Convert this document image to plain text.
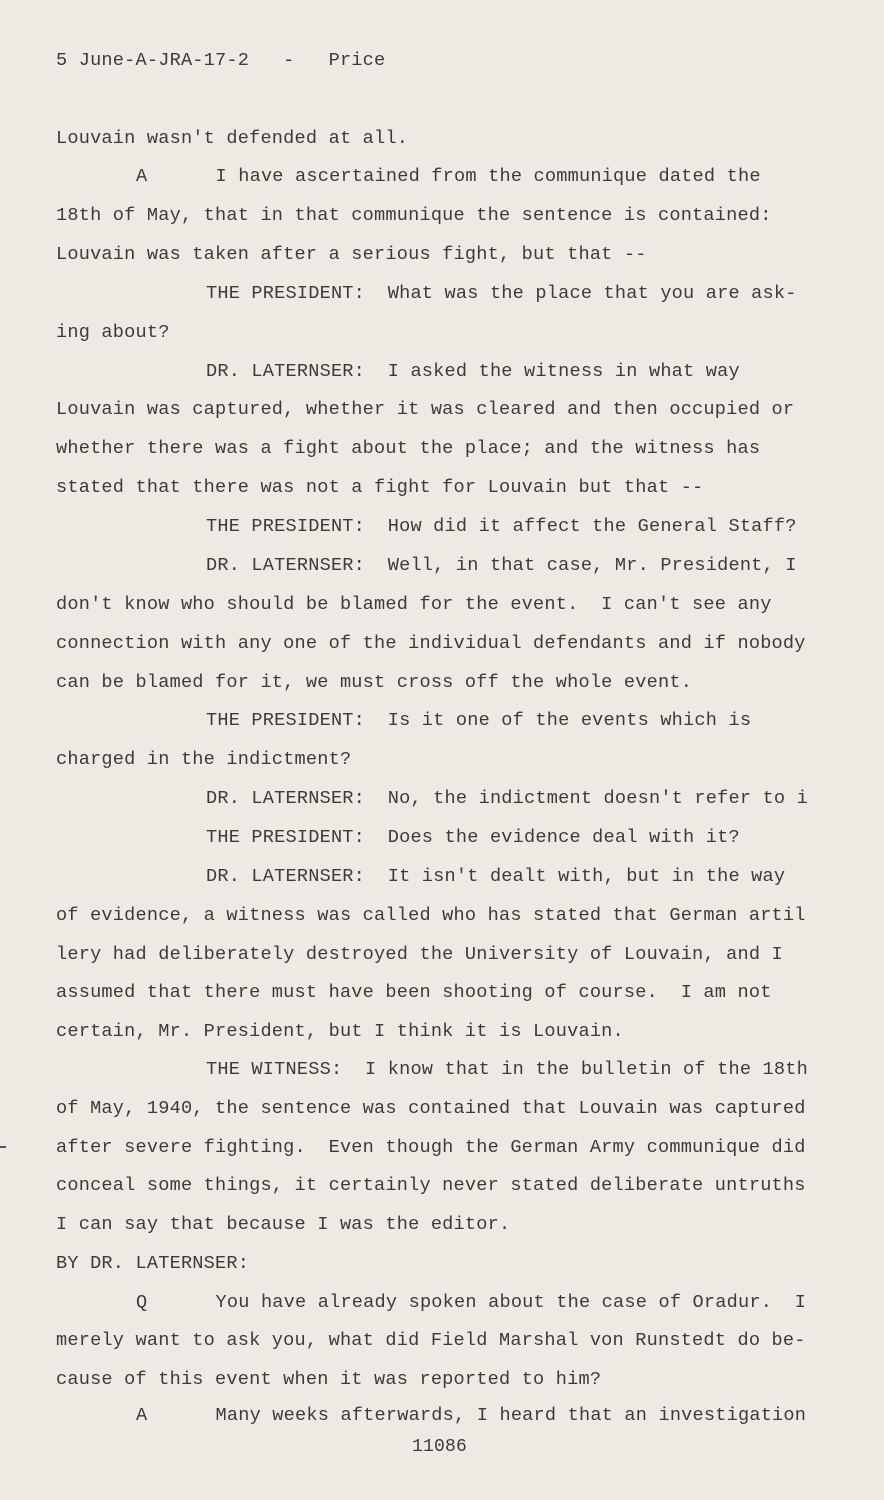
5 June-A-JRA-17-2   -   Price
Louvain wasn't defended at all.
A      I have ascertained from the communique dated the
18th of May, that in that communique the sentence is contained:
Louvain was taken after a serious fight, but that --
THE PRESIDENT:  What was the place that you are ask-
ing about?
DR. LATERNSER:  I asked the witness in what way
Louvain was captured, whether it was cleared and then occupied or
whether there was a fight about the place; and the witness has
stated that there was not a fight for Louvain but that --
THE PRESIDENT:  How did it affect the General Staff?
DR. LATERNSER:  Well, in that case, Mr. President, I
don't know who should be blamed for the event.  I can't see any
connection with any one of the individual defendants and if nobody
can be blamed for it, we must cross off the whole event.
THE PRESIDENT:  Is it one of the events which is
charged in the indictment?
DR. LATERNSER:  No, the indictment doesn't refer to i
THE PRESIDENT:  Does the evidence deal with it?
DR. LATERNSER:  It isn't dealt with, but in the way
of evidence, a witness was called who has stated that German artil
lery had deliberately destroyed the University of Louvain, and I
assumed that there must have been shooting of course.  I am not
certain, Mr. President, but I think it is Louvain.
THE WITNESS:  I know that in the bulletin of the 18th
of May, 1940, the sentence was contained that Louvain was captured
after severe fighting.  Even though the German Army communique did
conceal some things, it certainly never stated deliberate untruths
I can say that because I was the editor.
BY DR. LATERNSER:
Q      You have already spoken about the case of Oradur.  I
merely want to ask you, what did Field Marshal von Runstedt do be-
cause of this event when it was reported to him?
A      Many weeks afterwards, I heard that an investigation
11086
